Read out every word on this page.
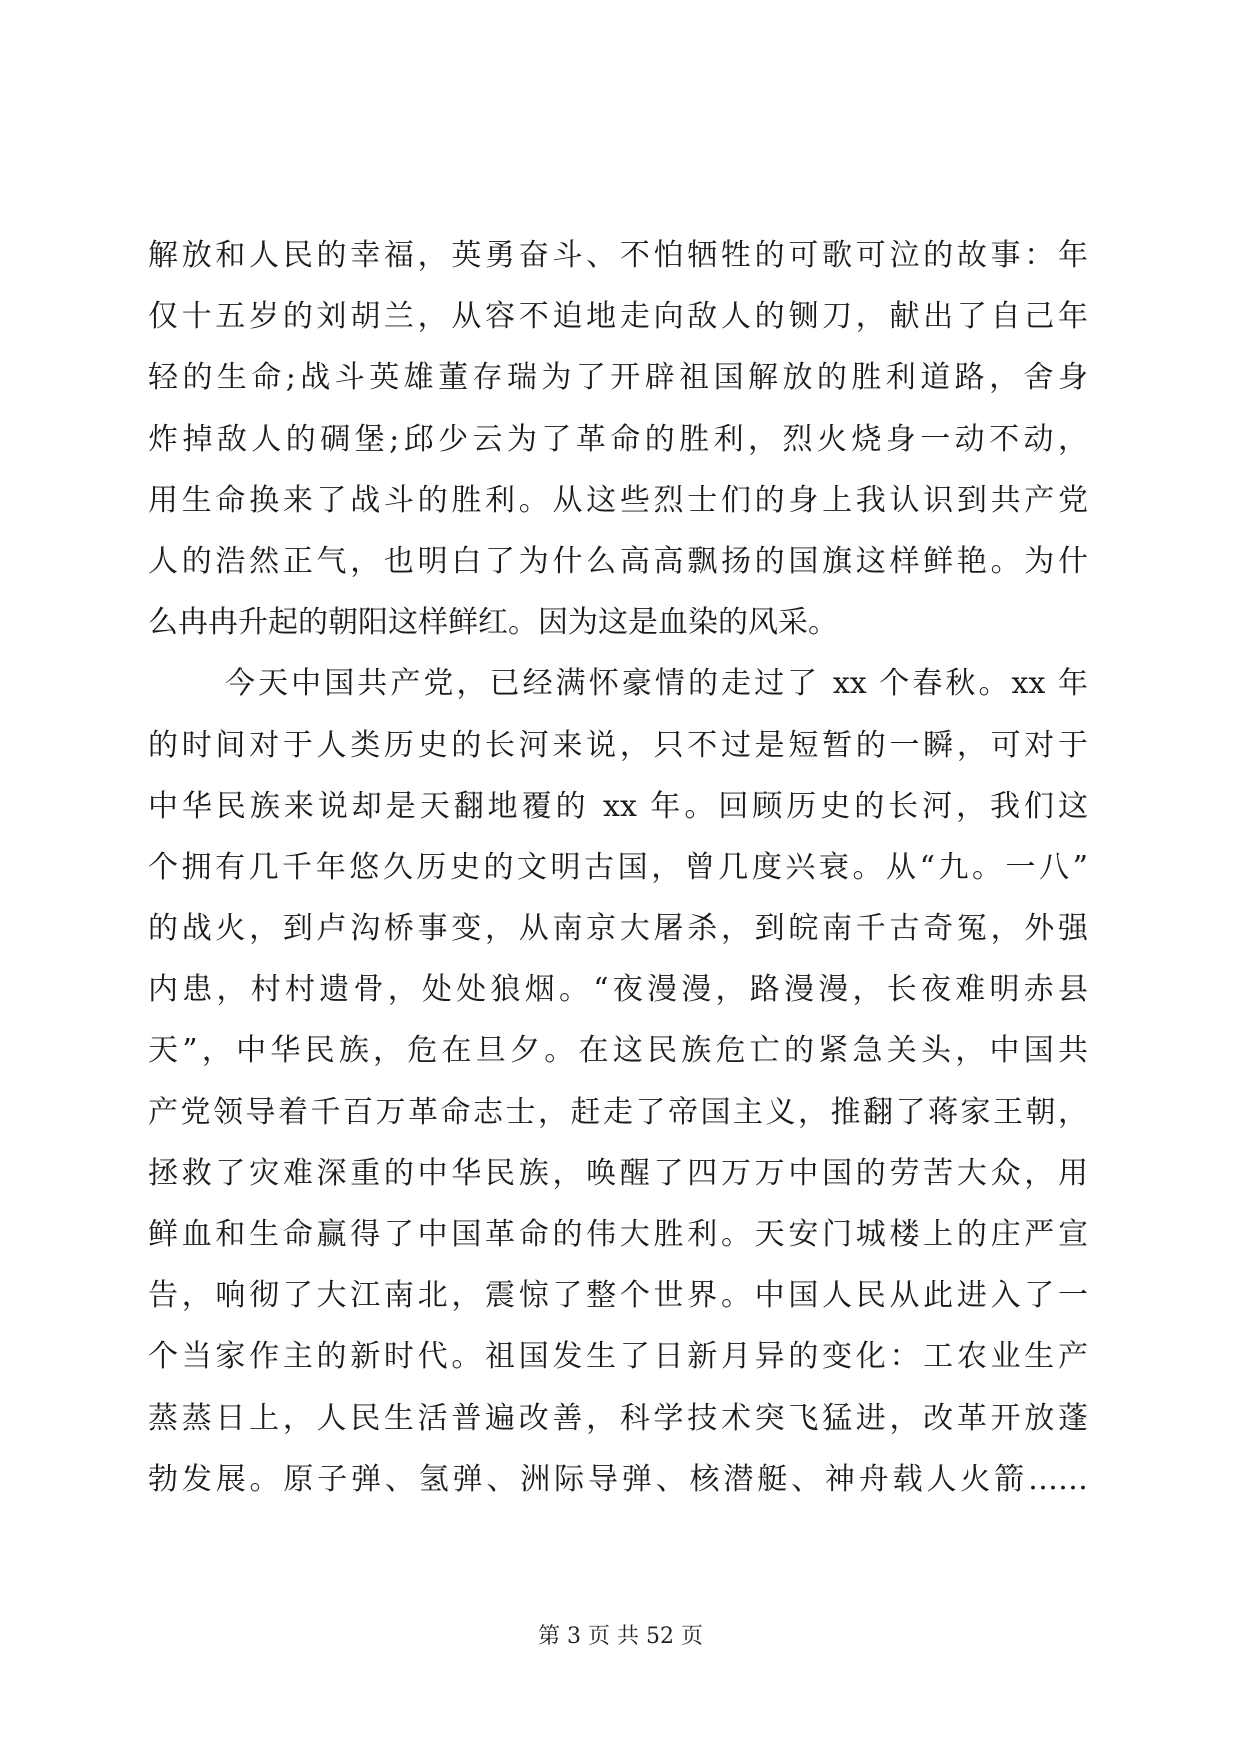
解放和人民的幸福，英勇奋斗、不怕牺牲的可歌可泣的故事：年
仅十五岁的刘胡兰，从容不迫地走向敌人的铡刀，献出了自己年
轻的生命;战斗英雄董存瑞为了开辟祖国解放的胜利道路，舍身
炸掉敌人的碉堡;邱少云为了革命的胜利，烈火烧身一动不动，
用生命换来了战斗的胜利。从这些烈士们的身上我认识到共产党
人的浩然正气，也明白了为什么高高飘扬的国旗这样鲜艳。为什
么冉冉升起的朝阳这样鲜红。因为这是血染的风采。
今天中国共产党，已经满怀豪情的走过了 xx 个春秋。xx 年
的时间对于人类历史的长河来说，只不过是短暂的一瞬，可对于
中华民族来说却是天翻地覆的 xx 年。回顾历史的长河，我们这
个拥有几千年悠久历史的文明古国，曾几度兴衰。从“九。一八”
的战火，到卢沟桥事变，从南京大屠杀，到皖南千古奇冤，外强
内患，村村遗骨，处处狼烟。“夜漫漫，路漫漫，长夜难明赤县
天”，中华民族，危在旦夕。在这民族危亡的紧急关头，中国共
产党领导着千百万革命志士，赶走了帝国主义，推翻了蒋家王朝，
拯救了灾难深重的中华民族，唤醒了四万万中国的劳苦大众，用
鲜血和生命赢得了中国革命的伟大胜利。天安门城楼上的庄严宣
告，响彻了大江南北，震惊了整个世界。中国人民从此进入了一
个当家作主的新时代。祖国发生了日新月异的变化：工农业生产
蒸蒸日上，人民生活普遍改善，科学技术突飞猛进，改革开放蓬
勃发展。原子弹、氢弹、洲际导弹、核潜艇、神舟载人火箭……
第 3 页 共 52 页
